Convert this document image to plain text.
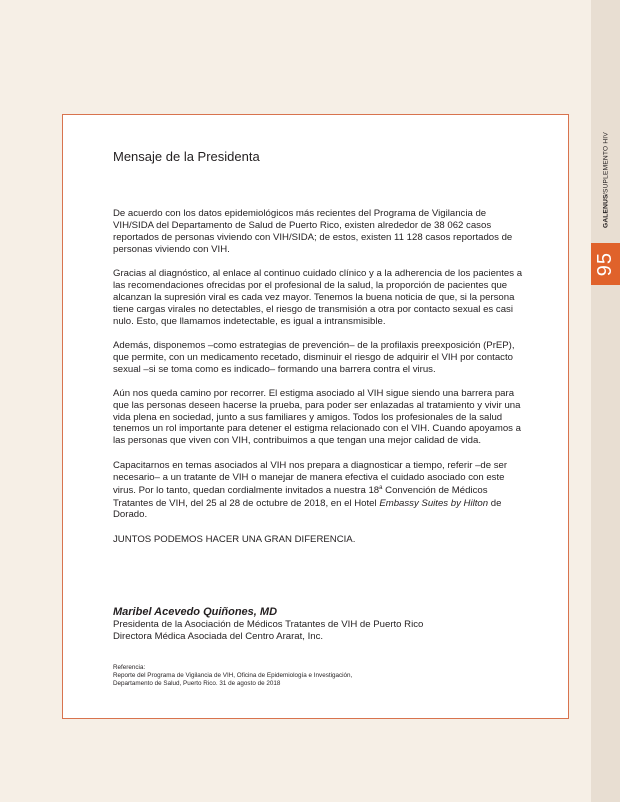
GALENUS
/
SUPLEMENTO HIV
95
Mensaje de la Presidenta

De acuerdo con los datos epidemiológicos más recientes del Programa de Vigilancia de VIH/SIDA del Departamento de Salud de Puerto Rico, existen alrededor de 38 062 casos reportados de personas viviendo con VIH/SIDA; de estos, existen 11 128 casos reportados de personas viviendo con VIH.

Gracias al diagnóstico, al enlace al continuo cuidado clínico y a la adherencia de los pacientes a las recomendaciones ofrecidas por el profesional de la salud, la proporción de pacientes que alcanzan la supresión viral es cada vez mayor. Tenemos la buena noticia de que, si la persona tiene cargas virales no detectables, el riesgo de transmisión a otra por contacto sexual es casi nulo. Esto, que llamamos indetectable, es igual a intransmisible.

Además, disponemos –como estrategias de prevención– de la profilaxis preexposición (PrEP), que permite, con un medicamento recetado, disminuir el riesgo de adquirir el VIH por contacto sexual –si se toma como es indicado– formando una barrera contra el virus.

Aún nos queda camino por recorrer. El estigma asociado al VIH sigue siendo una barrera para que las personas deseen hacerse la prueba, para poder ser enlazadas al tratamiento y vivir una vida plena en sociedad, junto a sus familiares y amigos. Todos los profesionales de la salud tenemos un rol importante para detener el estigma relacionado con el VIH. Cuando apoyamos a las personas que viven con VIH, contribuimos a que tengan una mejor calidad de vida.

Capacitarnos en temas asociados al VIH nos prepara a diagnosticar a tiempo, referir –de ser necesario– a un tratante de VIH o manejar de manera efectiva el cuidado asociado con este virus. Por lo tanto, quedan cordialmente invitados a nuestra 18$^a$ Convención de Médicos Tratantes de VIH, del 25 al 28 de octubre de 2018, en el Hotel Embassy Suites by Hilton de Dorado.

JUNTOS PODEMOS HACER UNA GRAN DIFERENCIA.

Maribel Acevedo Quiñones, MD
Presidenta de la Asociación de Médicos Tratantes de VIH de Puerto Rico
Directora Médica Asociada del Centro Ararat, Inc.
Referencia:
Reporte del Programa de Vigilancia de VIH, Oficina de Epidemiología e Investigación,
Departamento de Salud, Puerto Rico. 31 de agosto de 2018
